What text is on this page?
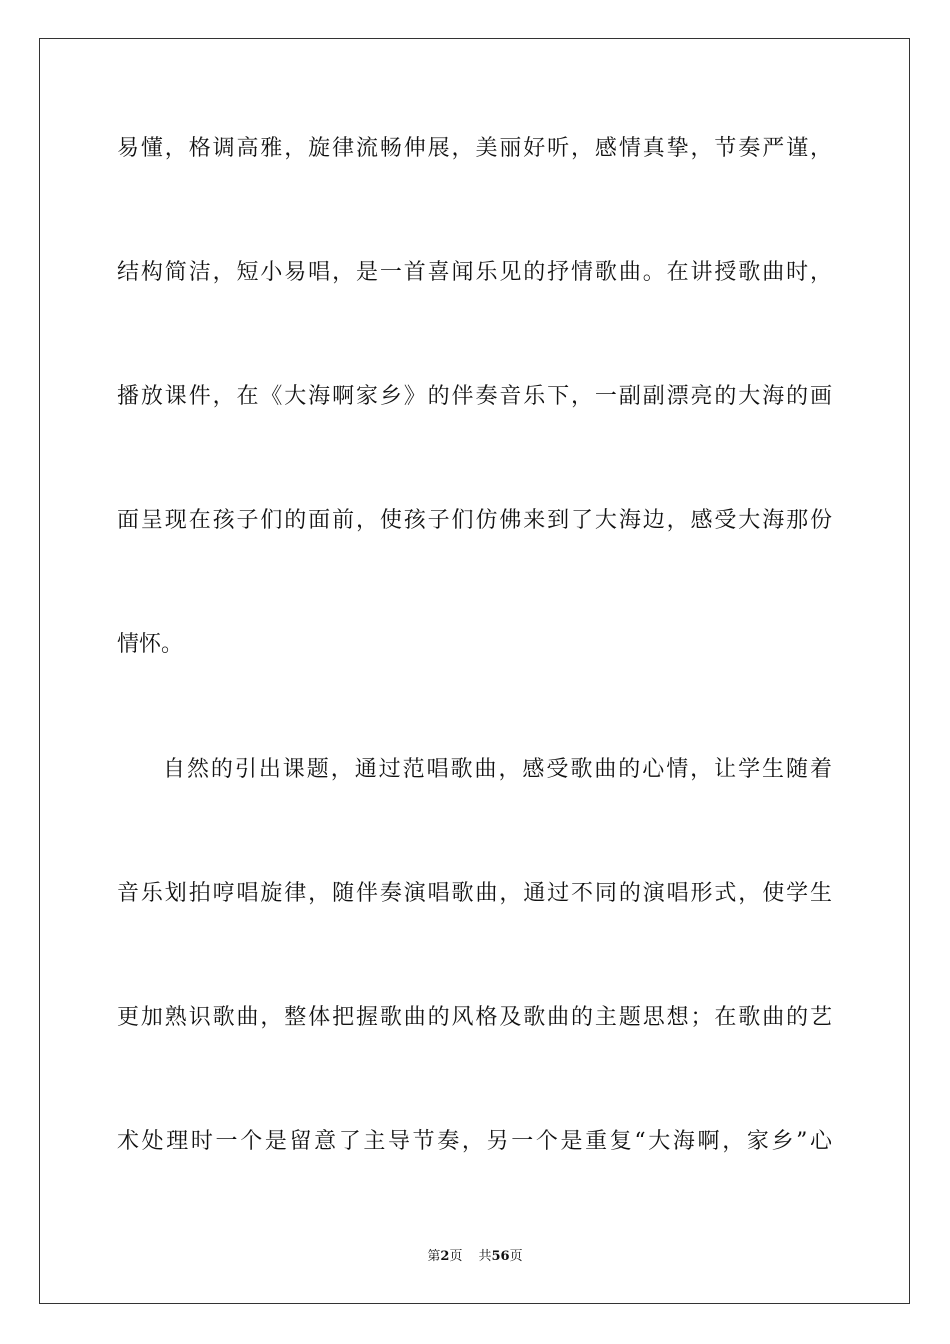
易懂，格调高雅，旋律流畅伸展，美丽好听，感情真挚，节奏严谨，
结构简洁，短小易唱，是一首喜闻乐见的抒情歌曲。在讲授歌曲时，
播放课件，在《大海啊家乡》的伴奏音乐下，一副副漂亮的大海的画
面呈现在孩子们的面前，使孩子们仿佛来到了大海边，感受大海那份
情怀。
自然的引出课题，通过范唱歌曲，感受歌曲的心情，让学生随着
音乐划拍哼唱旋律，随伴奏演唱歌曲，通过不同的演唱形式，使学生
更加熟识歌曲，整体把握歌曲的风格及歌曲的主题思想；在歌曲的艺
术处理时一个是留意了主导节奏，另一个是重复“大海啊，家乡”心
第2页 共56页
